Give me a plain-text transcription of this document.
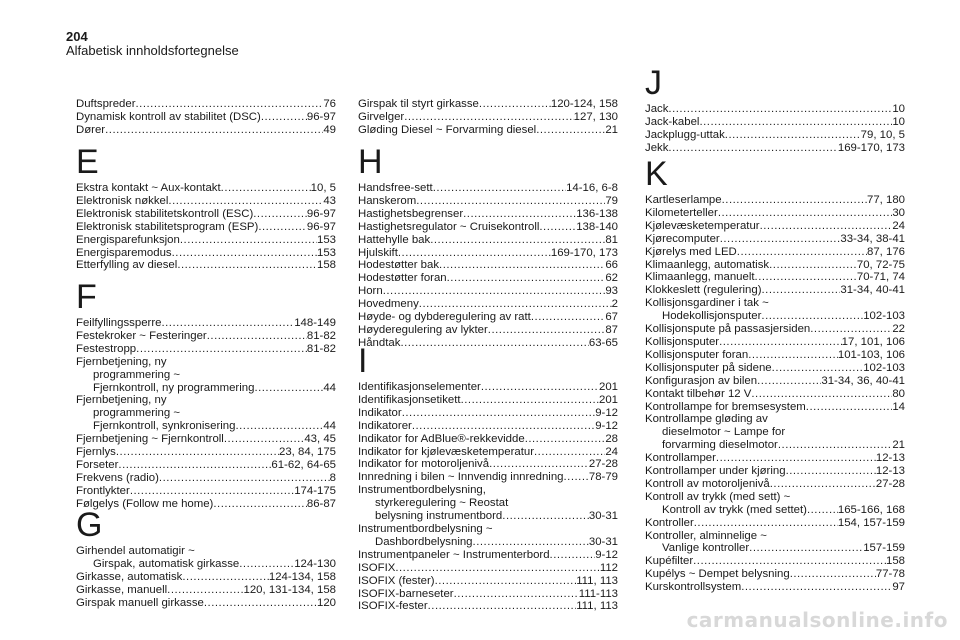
204
Alfabetisk innholdsfortegnelse
Duftspreder .....	76
Dynamisk kontroll av stabilitet (DSC) .....	96-97
Dører .....	49
E
Ekstra kontakt ~ Aux-kontakt .....	10, 5
Elektronisk nøkkel .....	43
Elektronisk stabilitetskontroll (ESC) .....	96-97
Elektronisk stabilitetsprogram (ESP) .....	96-97
Energisparefunksjon .....	153
Energisparemodus .....	153
Etterfylling av diesel .....	158
F
Feilfyllingssperre .....	148-149
Festekroker ~ Festeringer .....	81-82
Festestropp .....	81-82
Fjernbetjening, ny
programmering ~
Fjernkontroll, ny programmering .....	44
Fjernbetjening, ny
programmering ~
Fjernkontroll, synkronisering .....	44
Fjernbetjening ~ Fjernkontroll .....	43, 45
Fjernlys .....	23, 84, 175
Forseter .....	61-62, 64-65
Frekvens (radio) .....	8
Frontlykter .....	174-175
Følgelys (Follow me home) .....	86-87
G
Girhendel automatigir ~
Girspak, automatisk girkasse .....	124-130
Girkasse, automatisk .....	124-134, 158
Girkasse, manuell .....	120, 131-134, 158
Girspak manuell girkasse .....	120
Girspak til styrt girkasse .....	120-124, 158
Girvelger .....	127, 130
Gløding Diesel ~ Forvarming diesel .....	21
H
Handsfree-sett .....	14-16, 6-8
Hanskerom .....	79
Hastighetsbegrenser .....	136-138
Hastighetsregulator ~ Cruisekontroll .....	138-140
Hattehylle bak .....	81
Hjulskift .....	169-170, 173
Hodestøtter bak .....	66
Hodestøtter foran .....	62
Horn .....	93
Hovedmeny .....	2
Høyde- og dybderegulering av ratt .....	67
Høyderegulering av lykter .....	87
Håndtak .....	63-65
I
Identifikasjonselementer .....	201
Identifikasjonsetikett .....	201
Indikator .....	9-12
Indikatorer .....	9-12
Indikator for AdBlue®-rekkevidde .....	28
Indikator for kjølevæsketemperatur .....	24
Indikator for motoroljenivå .....	27-28
Innredning i bilen ~ Innvendig innredning ..... 78-79
Instrumentbordbelysning,
styrkeregulering ~ Reostat
belysning instrumentbord .....	30-31
Instrumentbordbelysning ~
Dashbordbelysning .....	30-31
Instrumentpaneler ~ Instrumenterbord .....	9-12
ISOFIX .....	112
ISOFIX (fester) .....	111, 113
ISOFIX-barneseter .....	111-113
ISOFIX-fester .....	111, 113
J
Jack .....	10
Jack-kabel .....	10
Jackplugg-uttak .....	79, 10, 5
Jekk .....	169-170, 173
K
Kartleserlampe .....	77, 180
Kilometerteller .....	30
Kjølevæsketemperatur .....	24
Kjørecomputer .....	33-34, 38-41
Kjørelys med LED .....	87, 176
Klimaanlegg, automatisk .....	70, 72-75
Klimaanlegg, manuelt .....	70-71, 74
Klokkeslett (regulering) .....	31-34, 40-41
Kollisjonsgardiner i tak ~
Hodekollisjonsputer .....	102-103
Kollisjonspute på passasjersiden .....	22
Kollisjonsputer .....	17, 101, 106
Kollisjonsputer foran .....	101-103, 106
Kollisjonsputer på sidene .....	102-103
Konfigurasjon av bilen .....	31-34, 36, 40-41
Kontakt tilbehør 12 V .....	80
Kontrollampe for bremsesystem .....	14
Kontrollampe gløding av
dieselmotor ~ Lampe for
forvarming dieselmotor .....	21
Kontrollamper .....	12-13
Kontrollamper under kjøring .....	12-13
Kontroll av motoroljenivå .....	27-28
Kontroll av trykk (med sett) ~
Kontroll av trykk (med settet) .....	165-166, 168
Kontroller .....	154, 157-159
Kontroller, alminnelige ~
Vanlige kontroller .....	157-159
Kupéfilter .....	158
Kupélys ~ Dempet belysning .....	77-78
Kurskontrollsystem .....	97
carmanualsonline.info
